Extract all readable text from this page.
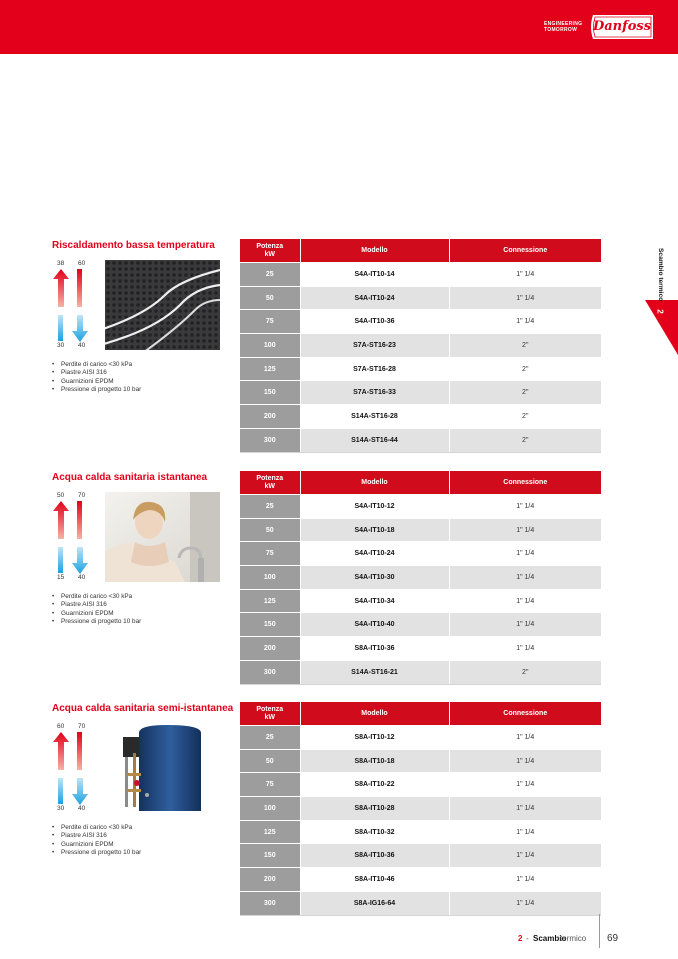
ENGINEERING
TOMORROW	Danfoss
Scambio termico
2
Riscaldamento bassa temperatura
38 60
30 40
• Perdite di carico <30 kPa
• Piastre AISI 316
• Guarnizioni EPDM
• Pressione di progetto 10 bar
Potenza
kW	Modello	Connessione
25	S4A-IT10-14	1" 1/4
50	S4A-IT10-24	1" 1/4
75	S4A-IT10-36	1" 1/4
100	S7A-ST16-23	2"
125	S7A-ST16-28	2"
150	S7A-ST16-33	2"
200	S14A-ST16-28	2"
300	S14A-ST16-44	2"
Acqua calda sanitaria istantanea
50 70
15 40
• Perdite di carico <30 kPa
• Piastre AISI 316
• Guarnizioni EPDM
• Pressione di progetto 10 bar
Potenza
kW	Modello	Connessione
25	S4A-IT10-12	1" 1/4
50	S4A-IT10-18	1" 1/4
75	S4A-IT10-24	1" 1/4
100	S4A-IT10-30	1" 1/4
125	S4A-IT10-34	1" 1/4
150	S4A-IT10-40	1" 1/4
200	S8A-IT10-36	1" 1/4
300	S14A-ST16-21	2"
Acqua calda sanitaria semi-istantanea
60 70
30 40
• Perdite di carico <30 kPa
• Piastre AISI 316
• Guarnizioni EPDM
• Pressione di progetto 10 bar
Potenza
kW	Modello	Connessione
25	S8A-IT10-12	1" 1/4
50	S8A-IT10-18	1" 1/4
75	S8A-IT10-22	1" 1/4
100	S8A-IT10-28	1" 1/4
125	S8A-IT10-32	1" 1/4
150	S8A-IT10-36	1" 1/4
200	S8A-IT10-46	1" 1/4
300	S8A-IG16-64	1" 1/4
2 - Scambio
termico 69
